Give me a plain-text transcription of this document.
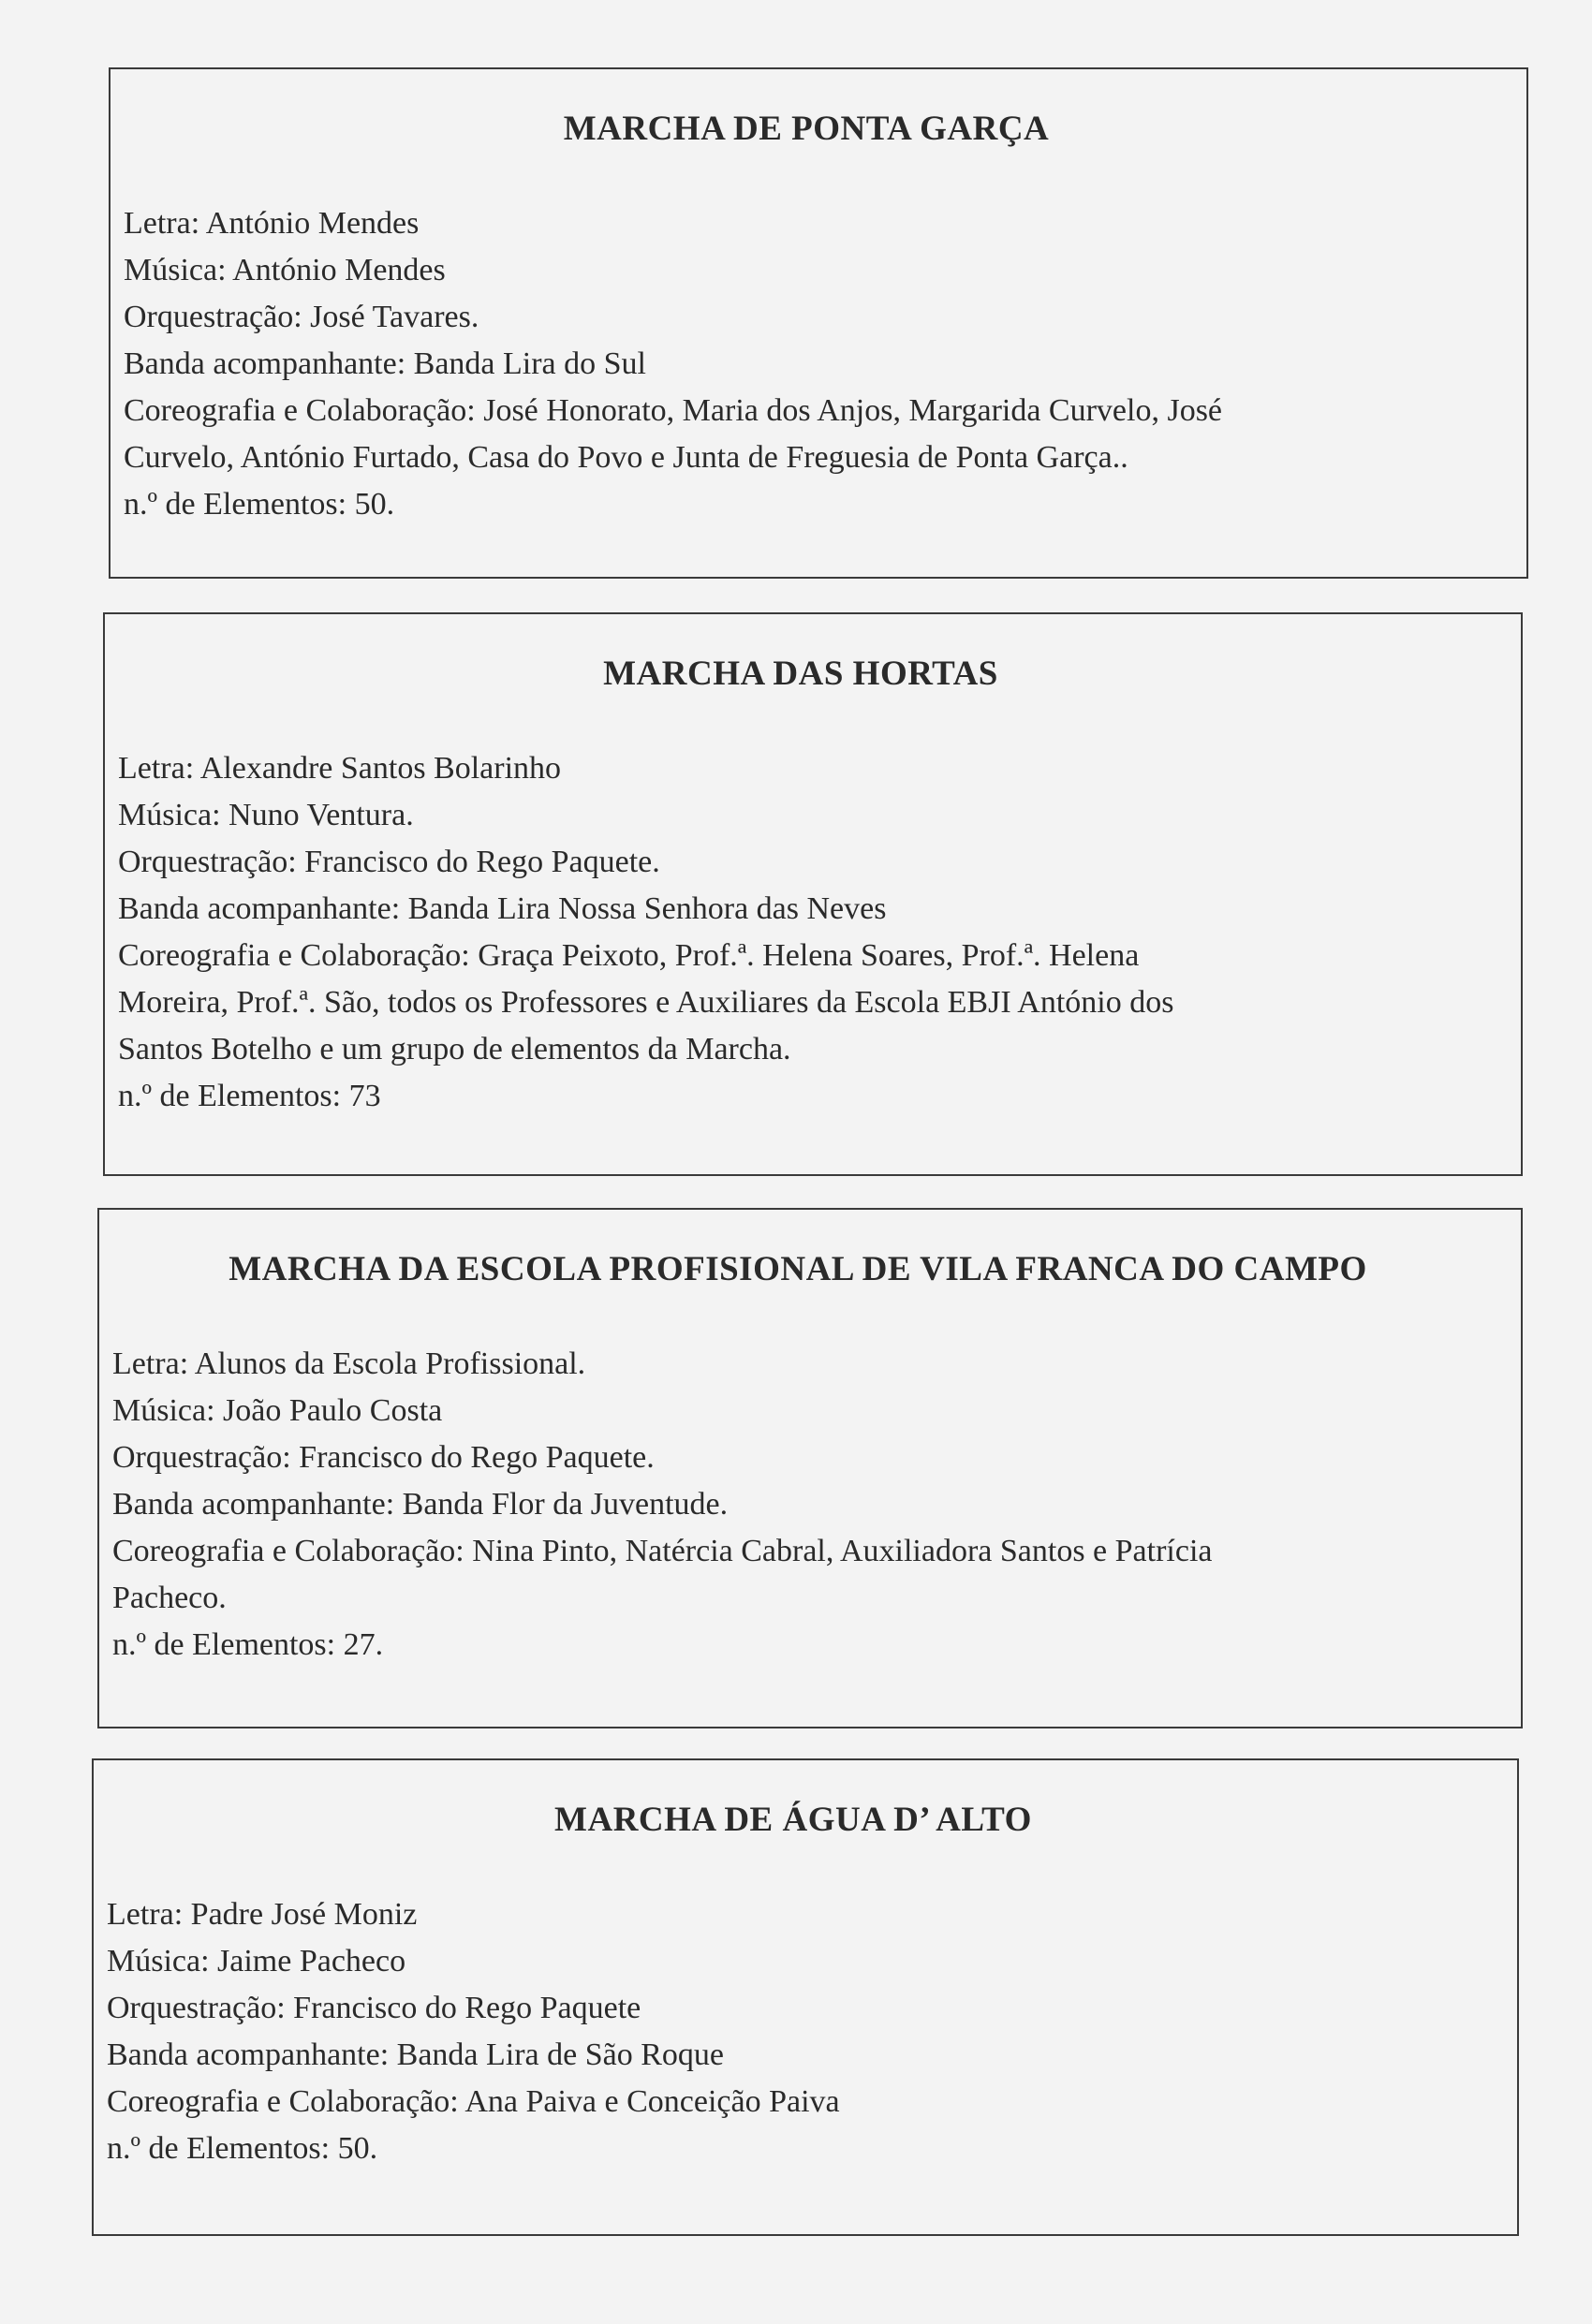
MARCHA DE PONTA GARÇA

Letra: António Mendes

Música: António Mendes

Orquestração: José Tavares.

Banda acompanhante: Banda Lira do Sul

Coreografia e Colaboração: José Honorato, Maria dos Anjos, Margarida Curvelo, José

Curvelo, António Furtado, Casa do Povo e Junta de Freguesia de Ponta Garça..

n.º de Elementos: 50.

MARCHA DAS HORTAS

Letra: Alexandre Santos Bolarinho

Música: Nuno Ventura.

Orquestração: Francisco do Rego Paquete.

Banda acompanhante: Banda Lira Nossa Senhora das Neves

Coreografia e Colaboração: Graça Peixoto, Prof.ª. Helena Soares, Prof.ª. Helena

Moreira, Prof.ª. São, todos os Professores e Auxiliares da Escola EBJI António dos

Santos Botelho e um grupo de elementos da Marcha.

n.º de Elementos: 73

MARCHA DA ESCOLA PROFISIONAL DE VILA FRANCA DO CAMPO

Letra: Alunos da Escola Profissional.

Música: João Paulo Costa

Orquestração: Francisco do Rego Paquete.

Banda acompanhante: Banda Flor da Juventude.

Coreografia e Colaboração: Nina Pinto, Natércia Cabral, Auxiliadora Santos e Patrícia

Pacheco.

n.º de Elementos: 27.

MARCHA DE ÁGUA D’ ALTO

Letra: Padre José Moniz

Música: Jaime Pacheco

Orquestração: Francisco do Rego Paquete

Banda acompanhante: Banda Lira de São Roque

Coreografia e Colaboração: Ana Paiva e Conceição Paiva

n.º de Elementos: 50.
